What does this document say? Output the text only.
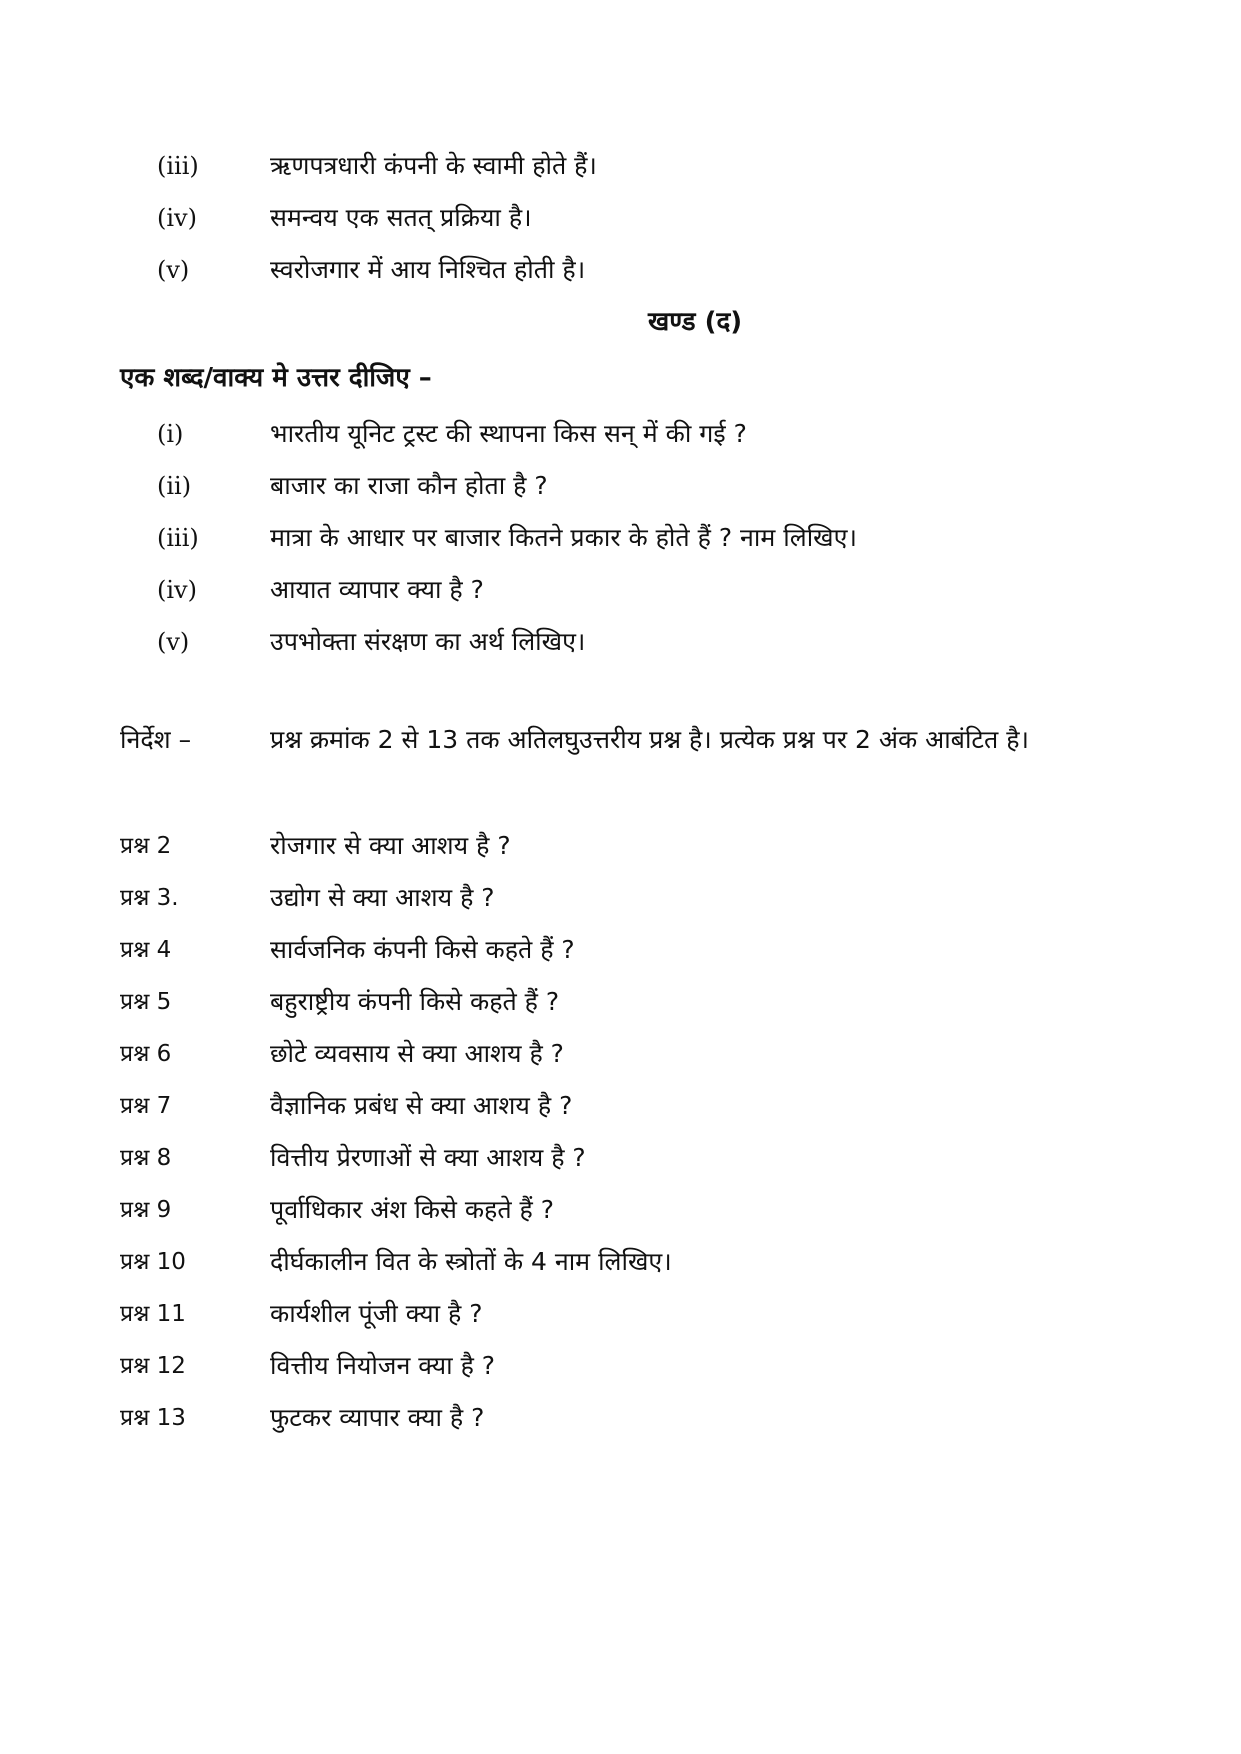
(iii)	ऋणपत्रधारी कंपनी के स्वामी होते हैं।
(iv)	समन्वय एक सतत् प्रक्रिया है।
(v)	स्वरोजगार में आय निश्चित होती है।
खण्ड (द)
एक शब्द/वाक्य मे उत्तर दीजिए –
(i)	भारतीय यूनिट ट्रस्ट की स्थापना किस सन् में की गई ?
(ii)	बाजार का राजा कौन होता है ?
(iii)	मात्रा के आधार पर बाजार कितने प्रकार के होते हैं ? नाम लिखिए।
(iv)	आयात व्यापार क्या है ?
(v)	उपभोक्ता संरक्षण का अर्थ लिखिए।
निर्देश –	प्रश्न क्रमांक 2 से 13 तक अतिलघुउत्तरीय प्रश्न है। प्रत्येक प्रश्न पर 2 अंक आबंटित है।
प्रश्न 2	रोजगार से क्या आशय है ?
प्रश्न 3.	उद्योग से क्या आशय है ?
प्रश्न 4	सार्वजनिक कंपनी किसे कहते हैं ?
प्रश्न 5	बहुराष्ट्रीय कंपनी किसे कहते हैं ?
प्रश्न 6	छोटे व्यवसाय से क्या आशय है ?
प्रश्न 7	वैज्ञानिक प्रबंध से क्या आशय है ?
प्रश्न 8	वित्तीय प्रेरणाओं से क्या आशय है ?
प्रश्न 9	पूर्वाधिकार अंश किसे कहते हैं ?
प्रश्न 10	दीर्घकालीन वित के स्त्रोतों के 4 नाम लिखिए।
प्रश्न 11	कार्यशील पूंजी क्या है ?
प्रश्न 12	वित्तीय नियोजन क्या है ?
प्रश्न 13	फुटकर व्यापार क्या है ?
